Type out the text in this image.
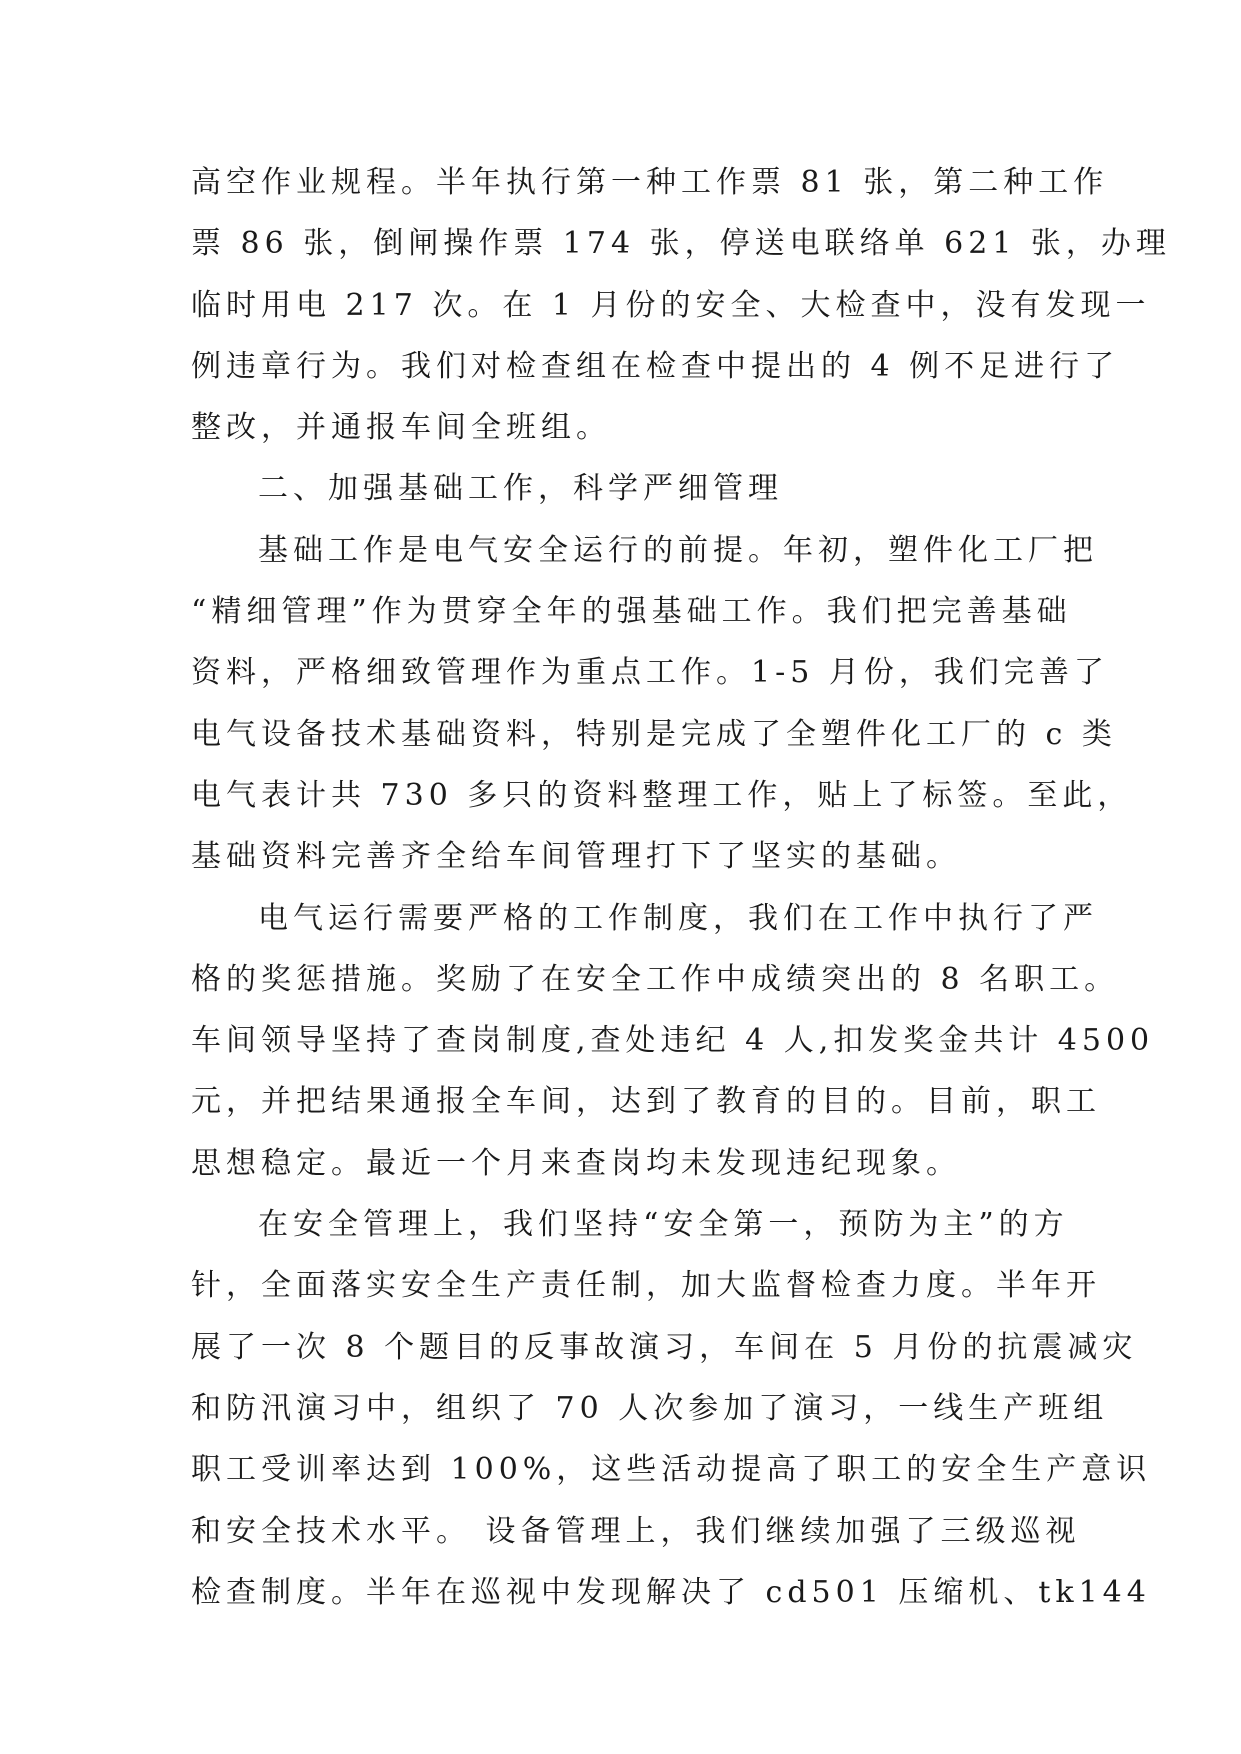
高空作业规程。半年执行第一种工作票 81 张，第二种工作
票 86 张，倒闸操作票 174 张，停送电联络单 621 张，办理
临时用电 217 次。在 1 月份的安全、大检查中，没有发现一
例违章行为。我们对检查组在检查中提出的 4 例不足进行了
整改，并通报车间全班组。
二、加强基础工作，科学严细管理
基础工作是电气安全运行的前提。年初，塑件化工厂把
“精细管理”作为贯穿全年的强基础工作。我们把完善基础
资料，严格细致管理作为重点工作。1-5 月份，我们完善了
电气设备技术基础资料，特别是完成了全塑件化工厂的 c 类
电气表计共 730 多只的资料整理工作，贴上了标签。至此，
基础资料完善齐全给车间管理打下了坚实的基础。
电气运行需要严格的工作制度，我们在工作中执行了严
格的奖惩措施。奖励了在安全工作中成绩突出的 8 名职工。
车间领导坚持了查岗制度,查处违纪 4 人,扣发奖金共计 4500
元，并把结果通报全车间，达到了教育的目的。目前，职工
思想稳定。最近一个月来查岗均未发现违纪现象。
在安全管理上，我们坚持“安全第一，预防为主”的方
针，全面落实安全生产责任制，加大监督检查力度。半年开
展了一次 8 个题目的反事故演习，车间在 5 月份的抗震减灾
和防汛演习中，组织了 70 人次参加了演习，一线生产班组
职工受训率达到 100%，这些活动提高了职工的安全生产意识
和安全技术水平。 设备管理上，我们继续加强了三级巡视
检查制度。半年在巡视中发现解决了 cd501 压缩机、tk144
